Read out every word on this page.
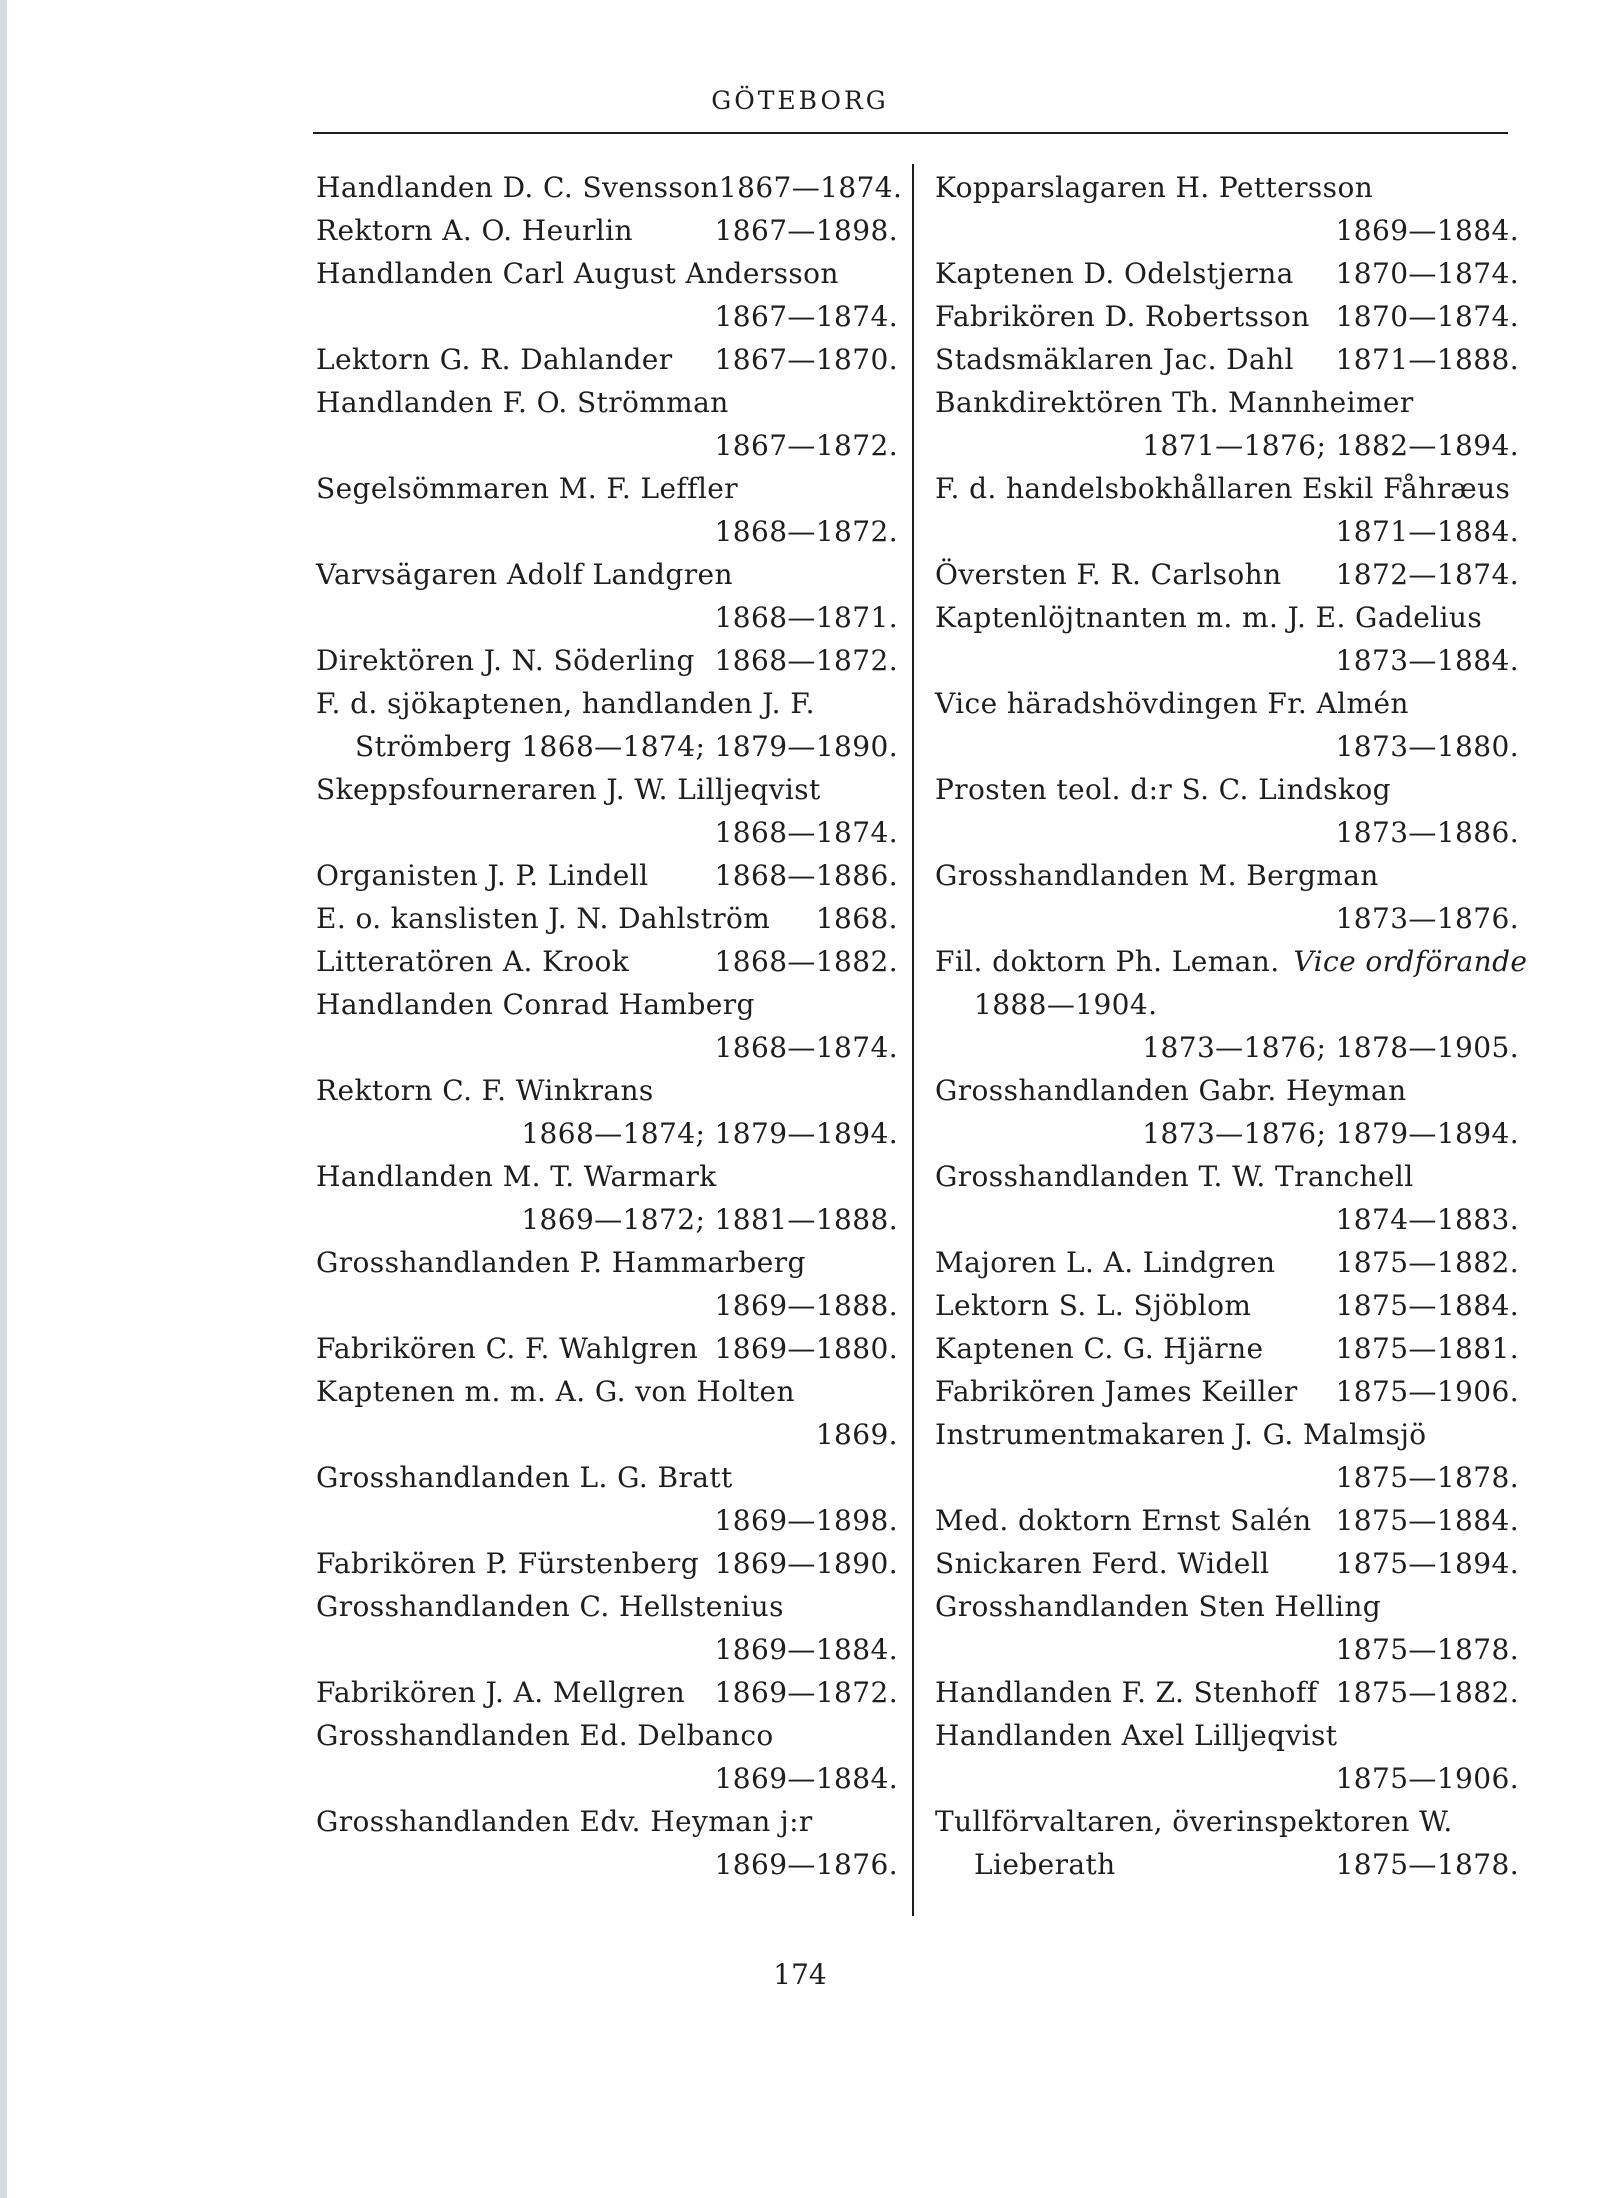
GÖTEBORG
Handlanden D. C. Svensson 1867—1874.
Rektorn A. O. Heurlin	1867—1898.
Handlanden Carl August Andersson
1867—1874.
Lektorn G. R. Dahlander 1867—1870.
Handlanden F. O. Strömman
1867—1872.
Segelsömmaren M. F. Leffler
1868—1872.
Varvsägaren Adolf Landgren
1868—1871.
Direktören J. N. Söderling 1868—1872.
F. d. sjökaptenen, handlanden J. F.
Strömberg 1868—1874; 1879—1890.
Skeppsfourneraren J. W. Lilljeqvist
1868—1874.
Organisten J. P. Lindell 1868—1886.
E. o. kanslisten J. N. Dahlström 1868.
Litteratören A. Krook	1868—1882.
Handlanden Conrad Hamberg
1868—1874.
Rektorn C. F. Winkrans
1868—1874; 1879—1894.
Handlanden M. T. Warmark
1869—1872; 1881—1888.
Grosshandlanden P. Hammarberg
1869—1888.
Fabrikören C. F. Wahlgren 1869—1880.
Kaptenen m. m. A. G. von Holten
1869.
Grosshandlanden L. G. Bratt
1869—1898.
Fabrikören P. Fürstenberg 1869—1890.
Grosshandlanden C. Hellstenius
1869—1884.
Fabrikören J. A. Mellgren 1869—1872.
Grosshandlanden Ed. Delbanco
1869—1884.
Grosshandlanden Edv. Heyman j:r
1869—1876.
Kopparslagaren H. Pettersson
1869—1884.
Kaptenen D. Odelstjerna 1870—1874.
Fabrikören D. Robertsson 1870—1874.
Stadsmäklaren Jac. Dahl 1871—1888.
Bankdirektören Th. Mannheimer
1871—1876; 1882—1894.
F. d. handelsbokhållaren Eskil Fåhræus
1871—1884.
Översten F. R. Carlsohn 1872—1874.
Kaptenlöjtnanten m. m. J. E. Gadelius
1873—1884.
Vice häradshövdingen Fr. Almén
1873—1880.
Prosten teol. d:r S. C. Lindskog
1873—1886.
Grosshandlanden M. Bergman
1873—1876.
Fil. doktorn Ph. Leman. Vice ordförande
1888—1904.
1873—1876; 1878—1905.
Grosshandlanden Gabr. Heyman
1873—1876; 1879—1894.
Grosshandlanden T. W. Tranchell
1874—1883.
Majoren L. A. Lindgren 1875—1882.
Lektorn S. L. Sjöblom	1875—1884.
Kaptenen C. G. Hjärne	1875—1881.
Fabrikören James Keiller 1875—1906.
Instrumentmakaren J. G. Malmsjö
1875—1878.
Med. doktorn Ernst Salén 1875—1884.
Snickaren Ferd. Widell 1875—1894.
Grosshandlanden Sten Helling
1875—1878.
Handlanden F. Z. Stenhoff 1875—1882.
Handlanden Axel Lilljeqvist
1875—1906.
Tullförvaltaren, överinspektoren W.
Lieberath	1875—1878.
174
